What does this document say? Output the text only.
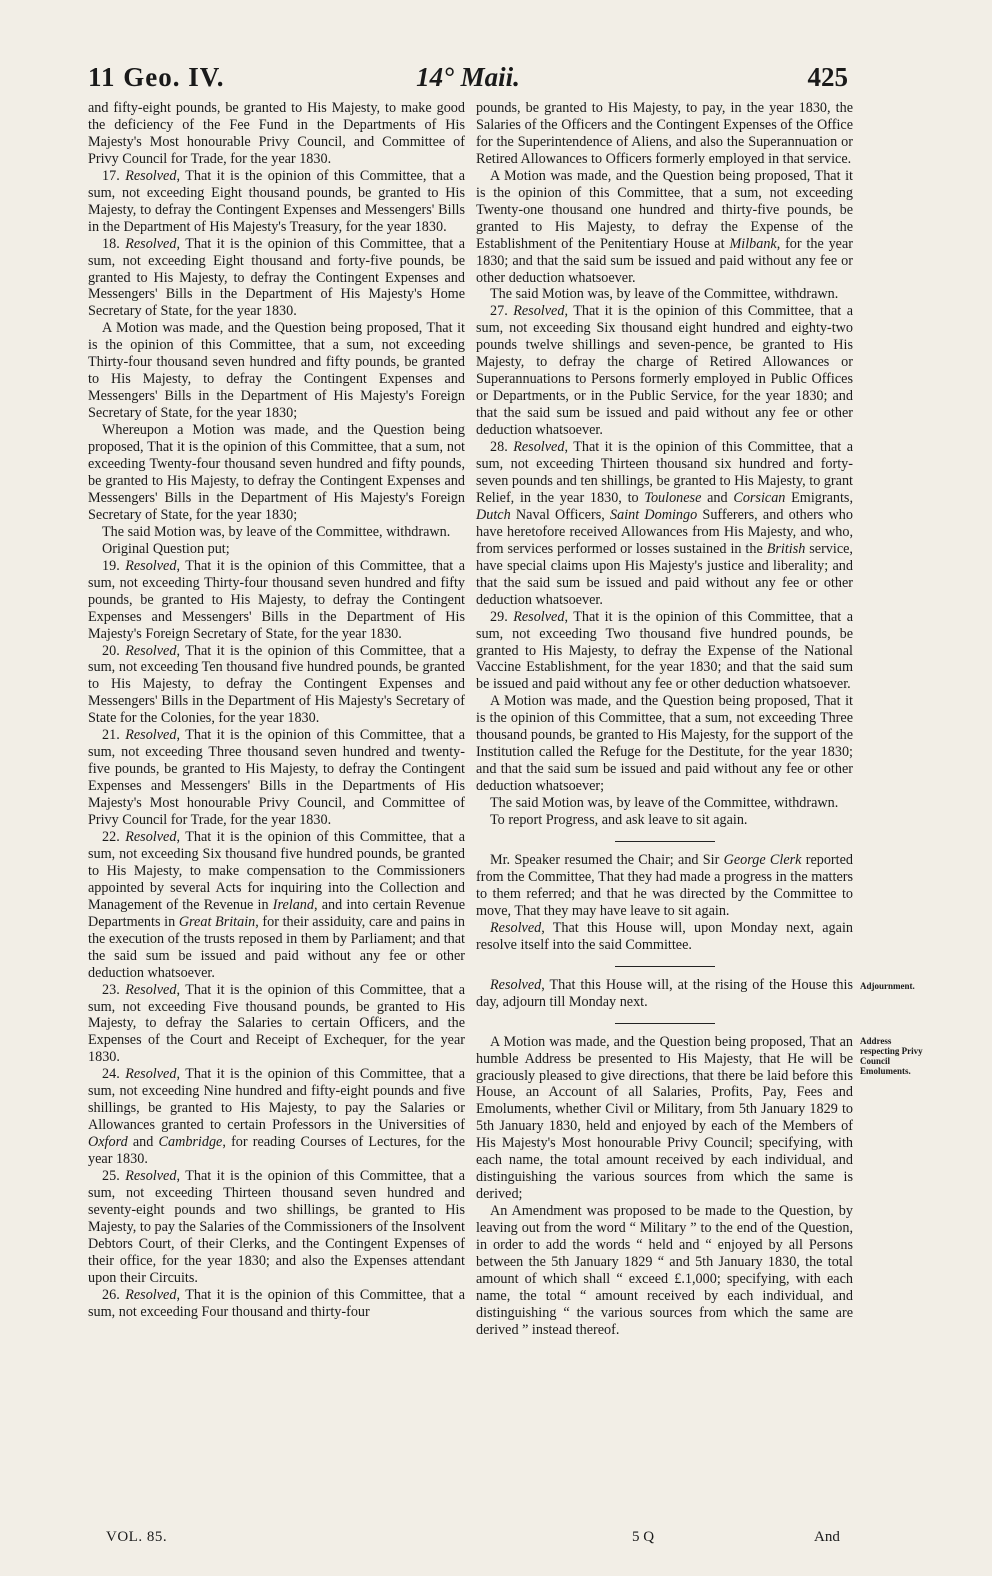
11 Geo. IV.	14° Maii.	425

and fifty-eight pounds, be granted to His Majesty, to make good the deficiency of the Fee Fund in the Departments of His Majesty's Most honourable Privy Council, and Committee of Privy Council for Trade, for the year 1830.

17. Resolved, That it is the opinion of this Committee, that a sum, not exceeding Eight thousand pounds, be granted to His Majesty, to defray the Contingent Expenses and Messengers' Bills in the Department of His Majesty's Treasury, for the year 1830.

18. Resolved, That it is the opinion of this Committee, that a sum, not exceeding Eight thousand and forty-five pounds, be granted to His Majesty, to defray the Contingent Expenses and Messengers' Bills in the Department of His Majesty's Home Secretary of State, for the year 1830.

A Motion was made, and the Question being proposed, That it is the opinion of this Committee, that a sum, not exceeding Thirty-four thousand seven hundred and fifty pounds, be granted to His Majesty, to defray the Contingent Expenses and Messengers' Bills in the Department of His Majesty's Foreign Secretary of State, for the year 1830;

Whereupon a Motion was made, and the Question being proposed, That it is the opinion of this Committee, that a sum, not exceeding Twenty-four thousand seven hundred and fifty pounds, be granted to His Majesty, to defray the Contingent Expenses and Messengers' Bills in the Department of His Majesty's Foreign Secretary of State, for the year 1830;

The said Motion was, by leave of the Committee, withdrawn.

Original Question put;

19. Resolved, That it is the opinion of this Committee, that a sum, not exceeding Thirty-four thousand seven hundred and fifty pounds, be granted to His Majesty, to defray the Contingent Expenses and Messengers' Bills in the Department of His Majesty's Foreign Secretary of State, for the year 1830.

20. Resolved, That it is the opinion of this Committee, that a sum, not exceeding Ten thousand five hundred pounds, be granted to His Majesty, to defray the Contingent Expenses and Messengers' Bills in the Department of His Majesty's Secretary of State for the Colonies, for the year 1830.

21. Resolved, That it is the opinion of this Committee, that a sum, not exceeding Three thousand seven hundred and twenty-five pounds, be granted to His Majesty, to defray the Contingent Expenses and Messengers' Bills in the Departments of His Majesty's Most honourable Privy Council, and Committee of Privy Council for Trade, for the year 1830.

22. Resolved, That it is the opinion of this Committee, that a sum, not exceeding Six thousand five hundred pounds, be granted to His Majesty, to make compensation to the Commissioners appointed by several Acts for inquiring into the Collection and Management of the Revenue in Ireland, and into certain Revenue Departments in Great Britain, for their assiduity, care and pains in the execution of the trusts reposed in them by Parliament; and that the said sum be issued and paid without any fee or other deduction whatsoever.

23. Resolved, That it is the opinion of this Committee, that a sum, not exceeding Five thousand pounds, be granted to His Majesty, to defray the Salaries to certain Officers, and the Expenses of the Court and Receipt of Exchequer, for the year 1830.

24. Resolved, That it is the opinion of this Committee, that a sum, not exceeding Nine hundred and fifty-eight pounds and five shillings, be granted to His Majesty, to pay the Salaries or Allowances granted to certain Professors in the Universities of Oxford and Cambridge, for reading Courses of Lectures, for the year 1830.

25. Resolved, That it is the opinion of this Committee, that a sum, not exceeding Thirteen thousand seven hundred and seventy-eight pounds and two shillings, be granted to His Majesty, to pay the Salaries of the Commissioners of the Insolvent Debtors Court, of their Clerks, and the Contingent Expenses of their office, for the year 1830; and also the Expenses attendant upon their Circuits.

26. Resolved, That it is the opinion of this Committee, that a sum, not exceeding Four thousand and thirty-four

pounds, be granted to His Majesty, to pay, in the year 1830, the Salaries of the Officers and the Contingent Expenses of the Office for the Superintendence of Aliens, and also the Superannuation or Retired Allowances to Officers formerly employed in that service.

A Motion was made, and the Question being proposed, That it is the opinion of this Committee, that a sum, not exceeding Twenty-one thousand one hundred and thirty-five pounds, be granted to His Majesty, to defray the Expense of the Establishment of the Penitentiary House at Milbank, for the year 1830; and that the said sum be issued and paid without any fee or other deduction whatsoever.

The said Motion was, by leave of the Committee, withdrawn.

27. Resolved, That it is the opinion of this Committee, that a sum, not exceeding Six thousand eight hundred and eighty-two pounds twelve shillings and seven-pence, be granted to His Majesty, to defray the charge of Retired Allowances or Superannuations to Persons formerly employed in Public Offices or Departments, or in the Public Service, for the year 1830; and that the said sum be issued and paid without any fee or other deduction whatsoever.

28. Resolved, That it is the opinion of this Committee, that a sum, not exceeding Thirteen thousand six hundred and forty-seven pounds and ten shillings, be granted to His Majesty, to grant Relief, in the year 1830, to Toulonese and Corsican Emigrants, Dutch Naval Officers, Saint Domingo Sufferers, and others who have heretofore received Allowances from His Majesty, and who, from services performed or losses sustained in the British service, have special claims upon His Majesty's justice and liberality; and that the said sum be issued and paid without any fee or other deduction whatsoever.

29. Resolved, That it is the opinion of this Committee, that a sum, not exceeding Two thousand five hundred pounds, be granted to His Majesty, to defray the Expense of the National Vaccine Establishment, for the year 1830; and that the said sum be issued and paid without any fee or other deduction whatsoever.

A Motion was made, and the Question being proposed, That it is the opinion of this Committee, that a sum, not exceeding Three thousand pounds, be granted to His Majesty, for the support of the Institution called the Refuge for the Destitute, for the year 1830; and that the said sum be issued and paid without any fee or other deduction whatsoever;

The said Motion was, by leave of the Committee, withdrawn.

To report Progress, and ask leave to sit again.

Mr. Speaker resumed the Chair; and Sir George Clerk reported from the Committee, That they had made a progress in the matters to them referred; and that he was directed by the Committee to move, That they may have leave to sit again.

Resolved, That this House will, upon Monday next, again resolve itself into the said Committee.

Resolved, That this House will, at the rising of the House this day, adjourn till Monday next.

A Motion was made, and the Question being proposed, That an humble Address be presented to His Majesty, that He will be graciously pleased to give directions, that there be laid before this House, an Account of all Salaries, Profits, Pay, Fees and Emoluments, whether Civil or Military, from 5th January 1829 to 5th January 1830, held and enjoyed by each of the Members of His Majesty's Most honourable Privy Council; specifying, with each name, the total amount received by each individual, and distinguishing the various sources from which the same is derived;

An Amendment was proposed to be made to the Question, by leaving out from the word “ Military ” to the end of the Question, in order to add the words “ held and “ enjoyed by all Persons between the 5th January 1829 “ and 5th January 1830, the total amount of which shall “ exceed £.1,000; specifying, with each name, the total “ amount received by each individual, and distinguishing “ the various sources from which the same are derived ” instead thereof.

Adjournment.
Address respecting Privy Council Emoluments.
VOL. 85.	5 Q	And
